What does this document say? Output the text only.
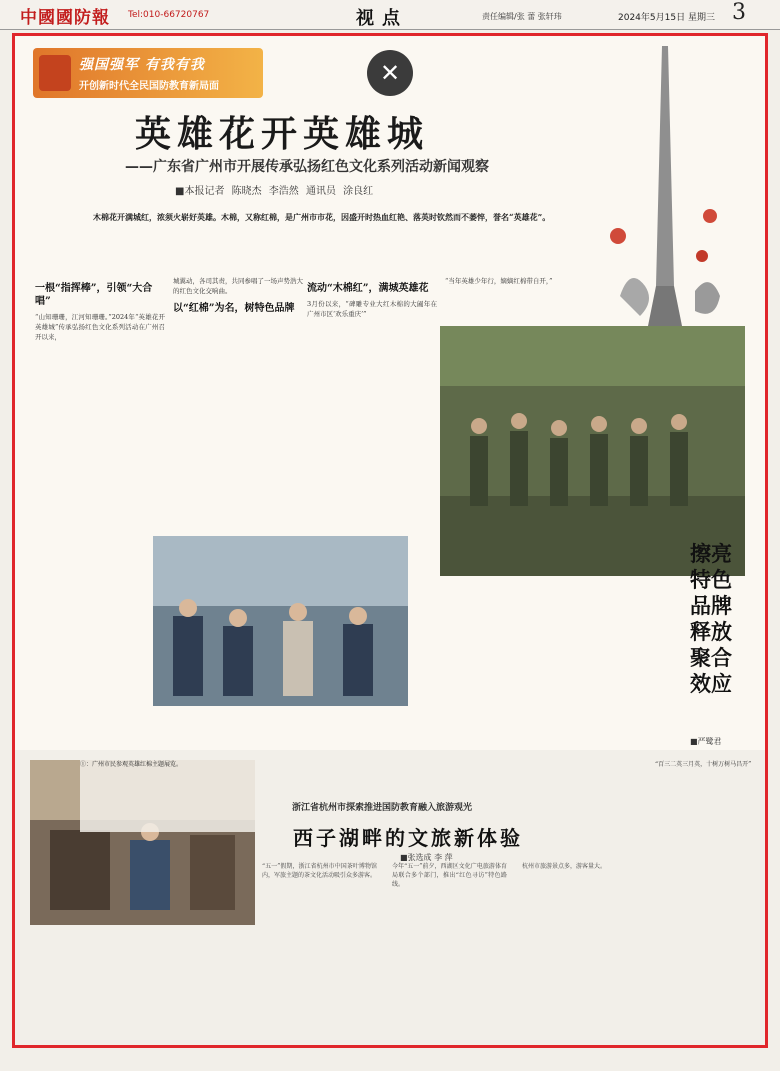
中國國防報 Tel:010-66720767	视点	责任编辑/张 蕾 张轩玮	2024年5月15日 星期三 3
强国强军 有我有我
开创新时代全民国防教育新局面	✕
英雄花开英雄城
——广东省广州市开展传承弘扬红色文化系列活动新闻观察
■本报记者 陈晓杰 李浩然 通讯员 涂良红
木棉花开满城红，浓须火崭好英雄。木棉，又称红棉，是广州市市花，因盛开时热血红艳、落英时钦然而不萎悴，誉名“英雄花”。
一根“指挥棒”，引领“大合唱”
“山知珊珊，江河知珊珊。”2024年“英雄花开英雄城”传承弘扬红色文化系列活动在广州召开以来，
城翼动，各司其责，共同参唱了一场声势浩大的红色文化交响曲。
以“红棉”为名，树特色品牌
流动“木棉红”，满城英雄花
3月份以来，“碑雕专业大红木棉的大阖年在广州市区‘欢乐重庆’”
“当年英雄少年行，嫡嫡红棉带自开，”
擦亮特色品牌释放聚合效应
■严鹭君
①：广州市民参观英雄红棉主题展览。
浙江省杭州市探索推进国防教育融入旅游观光
西子湖畔的文旅新体验
■张选成 李 萍
“五一”假期，浙江省杭州市中国茶叶博物馆内，军旅主题的茶文化活动吸引众多游客。
今年“五一”前夕，西湖区文化广电旅游体育局联合多个部门，推出“红色寻访”特色路线。
杭州市旅游景点多，游客量大。
“百三二英三月英，十树万树马昌开”
